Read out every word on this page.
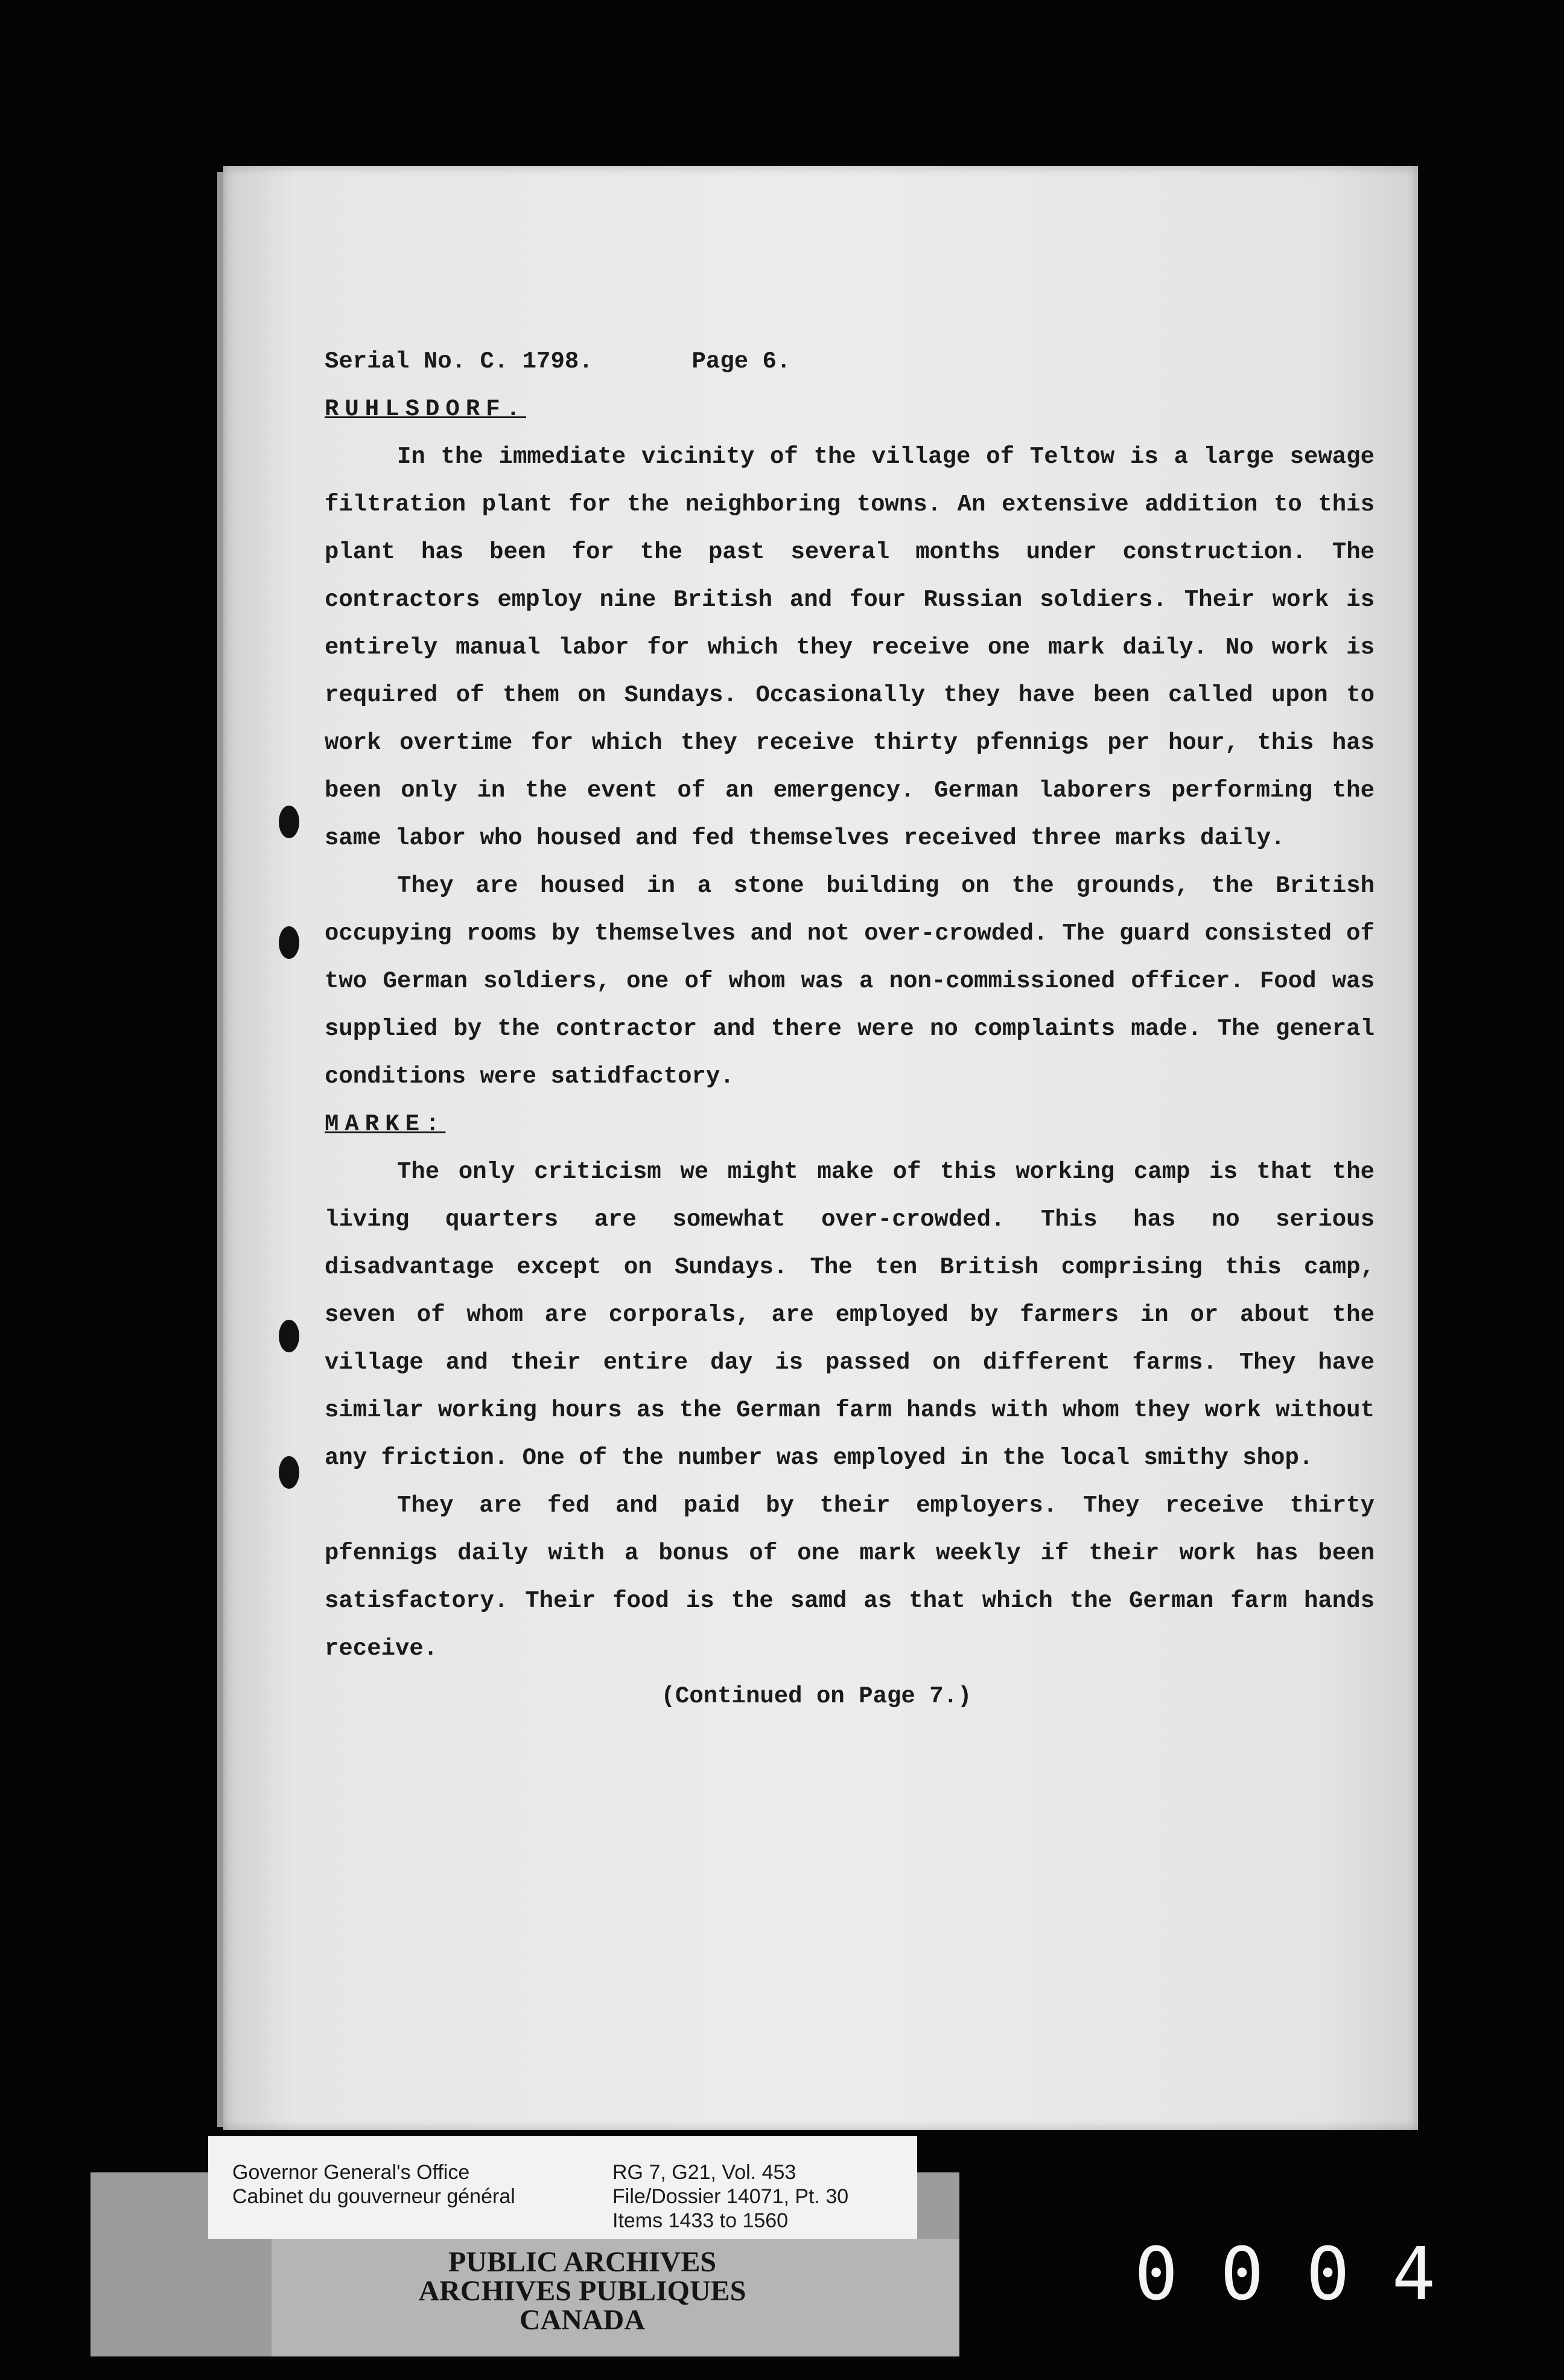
Serial No. C. 1798.	Page 6.
RUHLSDORF.
In the immediate vicinity of the village of Teltow is a large sewage filtration plant for the neighboring towns. An extensive addition to this plant has been for the past several months under construction. The contractors employ nine British and four Russian soldiers. Their work is entirely manual labor for which they receive one mark daily. No work is required of them on Sundays. Occasionally they have been called upon to work overtime for which they receive thirty pfennigs per hour, this has been only in the event of an emergency. German laborers performing the same labor who housed and fed themselves received three marks daily.
They are housed in a stone building on the grounds, the British occupying rooms by themselves and not over-crowded. The guard consisted of two German soldiers, one of whom was a non-commissioned officer. Food was supplied by the contractor and there were no complaints made. The general conditions were satidfactory.
MARKE:
The only criticism we might make of this working camp is that the living quarters are somewhat over-crowded. This has no serious disadvantage except on Sundays. The ten British comprising this camp, seven of whom are corporals, are employed by farmers in or about the village and their entire day is passed on different farms. They have similar working hours as the German farm hands with whom they work without any friction. One of the number was employed in the local smithy shop.
They are fed and paid by their employers. They receive thirty pfennigs daily with a bonus of one mark weekly if their work has been satisfactory. Their food is the samd as that which the German farm hands receive.
(Continued on Page 7.)
Governor General's Office
Cabinet du gouverneur général
RG 7, G21, Vol. 453
File/Dossier 14071, Pt. 30
Items 1433 to 1560
PUBLIC ARCHIVES
ARCHIVES PUBLIQUES
CANADA
0004
